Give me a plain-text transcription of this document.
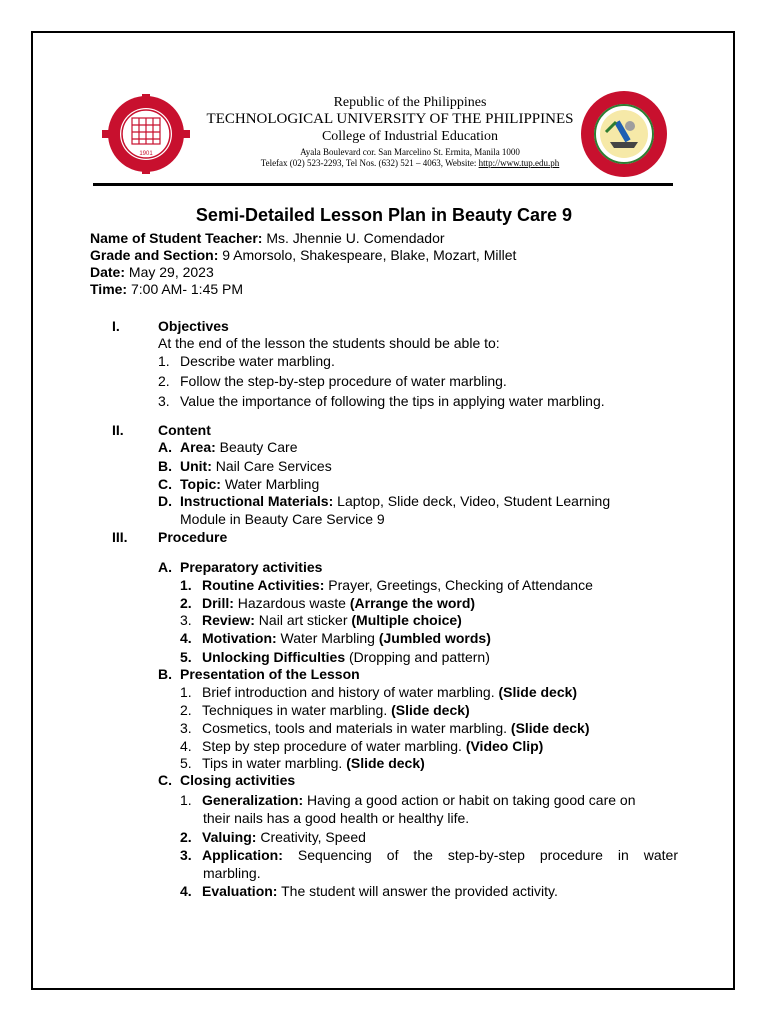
1901
Republic of the Philippines
TECHNOLOGICAL UNIVERSITY OF THE PHILIPPINES
College of Industrial Education
Ayala Boulevard cor. San Marcelino St. Ermita, Manila 1000
Telefax (02) 523-2293, Tel Nos. (632) 521 – 4063, Website: http://www.tup.edu.ph
Semi-Detailed Lesson Plan in Beauty Care 9
Name of Student Teacher: Ms. Jhennie U. Comendador
Grade and Section: 9 Amorsolo, Shakespeare, Blake, Mozart, Millet
Date: May 29, 2023
Time: 7:00 AM- 1:45 PM
I.	Objectives
At the end of the lesson the students should be able to:
1. Describe water marbling.
2. Follow the step-by-step procedure of water marbling.
3. Value the importance of following the tips in applying water marbling.
II. Content
A. Area: Beauty Care
B. Unit: Nail Care Services
C. Topic: Water Marbling
D. Instructional Materials: Laptop, Slide deck, Video, Student Learning
Module in Beauty Care Service 9
III. Procedure
A. Preparatory activities
1. Routine Activities: Prayer, Greetings, Checking of Attendance
2. Drill: Hazardous waste (Arrange the word)
3. Review: Nail art sticker (Multiple choice)
4. Motivation: Water Marbling (Jumbled words)
5. Unlocking Difficulties (Dropping and pattern)
B. Presentation of the Lesson
1. Brief introduction and history of water marbling. (Slide deck)
2. Techniques in water marbling. (Slide deck)
3. Cosmetics, tools and materials in water marbling. (Slide deck)
4. Step by step procedure of water marbling. (Video Clip)
5. Tips in water marbling. (Slide deck)
C. Closing activities
1. Generalization: Having a good action or habit on taking good care on
their nails has a good health or healthy life.
2. Valuing: Creativity, Speed
3. Application: Sequencing of the step-by-step procedure in water
marbling.
4. Evaluation: The student will answer the provided activity.
